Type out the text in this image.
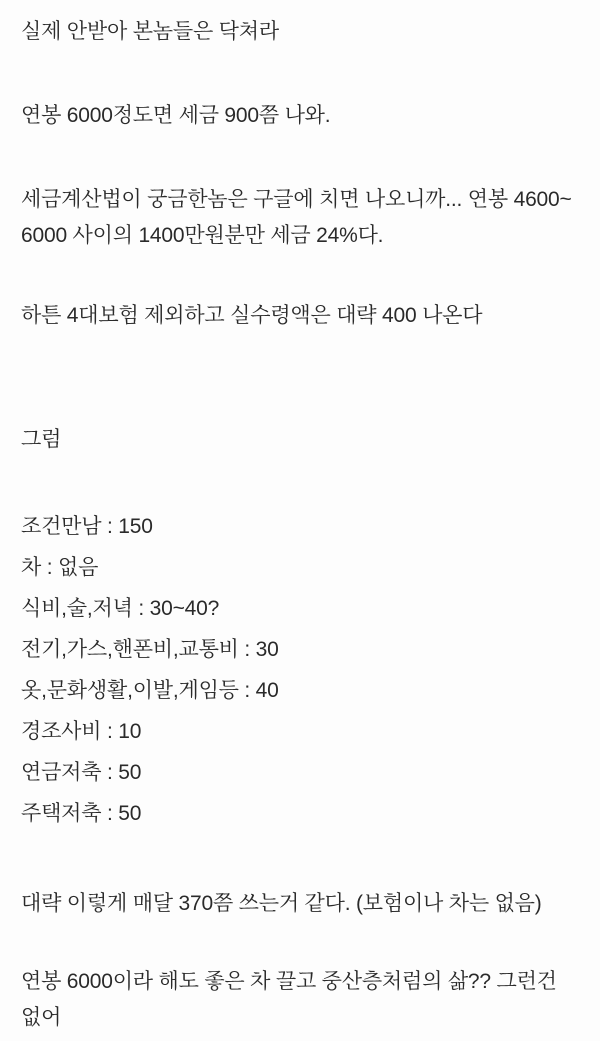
실제 안받아 본놈들은 닥쳐라
연봉 6000정도면 세금 900쯤 나와.
세금계산법이 궁금한놈은 구글에 치면 나오니까... 연봉 4600~
6000 사이의 1400만원분만 세금 24%다.
하튼 4대보험 제외하고 실수령액은 대략 400 나온다
그럼
조건만남 : 150
차 : 없음
식비,술,저녁 : 30~40?
전기,가스,핸폰비,교통비 : 30
옷,문화생활,이발,게임등 : 40
경조사비 : 10
연금저축 : 50
주택저축 : 50
대략 이렇게 매달 370쯤 쓰는거 같다. (보험이나 차는 없음)
연봉 6000이라 해도 좋은 차 끌고 중산층처럼의 삶?? 그런건
없어
